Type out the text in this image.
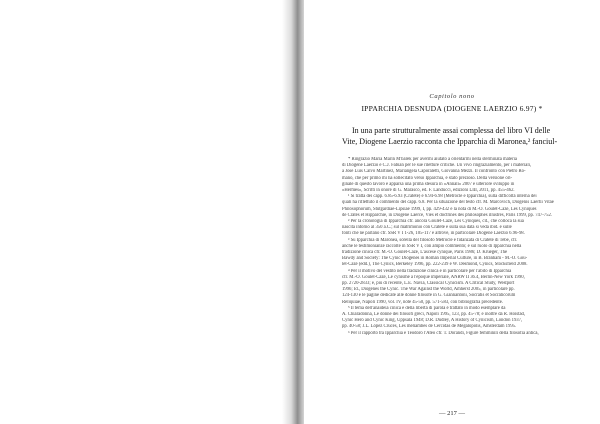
Capitolo nono
IPPARCHIA DESNUDA (DIOGENE LAERZIO 6.97) *
In una parte strutturalmente assai complessa del libro VI delle
Vite, Diogene Laerzio racconta che Ipparchia di Maronea,² fanciul-

* Ringrazio Maria Marin M'barek per avermi aiutato a orientarmi nella sterminata materia

di Diogene Laerzio e C.J. Fabian per le sue riletture critiche. Un vivo ringraziamento, per i materiali,

a José Luis Calvo Martínez, Mariangela Caporaletti, Giovanna Mezzi. Il confronto con Pietro Ro-

mano, che per primo mi ha sollecitato verso Ipparchia, è stato prezioso. Della versione ori-

ginale di questo lavoro è apparsa una prima stesura in «Annali» 2007 e ulteriore sviluppo in

«Hermes», Scritti in onore di G. Marasco, ed. F. Landucci, edizioni LIII, 2011, pp. 455-462.

¹ Si tratta dei capp. 6.85-6.93 (Cratete) e 6.94-6.98 (Metrocle e Ipparchia), sulla difficoltà interna dei

quali ha riflettuto il commento del capp. 6.8. Per la situazione del testo cfr. M. Marcovich, Diogenis Laertii Vitae

Philosophorum, Stutgardiae-Lipsiae 1999, I, pp. 429-432 e la nota di M.-O. Goulet-Cazé, Les Cyniques

de Cratès et Hipparchie, in Diogène Laërce, Vies et doctrines des philosophes illustres, Paris 1999, pp. 747-752.

² Per la cronologia di Ipparchia cfr. ancora Goulet-Cazé, Les Cyniques, cit., che colloca la sua

nascita intorno al 350 a.C.; sul matrimonio con Cratete e sulla sua data si veda ibid. e sulle

fonti che ne parlano cfr. SSR V I 1-26, 105-117 e altrove, in particolare Diogene Laerzio 6.96-98.

³ Su Ipparchia di Maronea, sorella del filosofo Metrocle e fidanzata di Cratete di Tebe, cfr.

anche le testimonianze raccolte in SSR V I, con ampio commento; e sul ruolo di Ipparchia nella

tradizione cinica cfr. M.-O. Goulet-Cazé, L'ascèse cynique, Paris 1986; D. Krueger, The

Bawdy and Society: The Cynic Diogenes in Roman Imperial Culture, in B. Branham - M.-O. Gou-

let-Cazé (edd.), The Cynics, Berkeley 1996, pp. 222-239 e W. Desmond, Cynics, Stocksfield 2008.

⁴ Per il motivo del vestito nella tradizione cinica e in particolare per l'abito di Ipparchia

cfr. M.-O. Goulet-Cazé, Le cynisme à l'époque impériale, ANRW II 36.4, Berlin-New York 1990,

pp. 2720-2833; e, più di recente, L.E. Navia, Classical Cynicism. A Critical Study, Westport

1996; Id., Diogenes the Cynic. The War Against the World, Amherst 2005, in particolare pp.

124-130 e le pagine dedicate alle donne filosofe in G. Giannantoni, Socratis et Socraticorum

Reliquiae, Napoli 1990, vol. IV, note 45-50, pp. 571-583, con bibliografia precedente.

⁵ Il tema dell'anaideia cinica e della libertà di parola è trattato in modo esemplare da

A. Chiaradonna, Le donne dei filosofi greci, Napoli 1995, 123, pp. 45-78; e inoltre da R. Höistad,

Cynic Hero and Cynic King, Uppsala 1948; D.R. Dudley, A History of Cynicism, London 1937,

pp. 40-58; J.L. López Cruces, Les méliambes de Cercidas de Mégalopolis, Amsterdam 1995.

⁶ Per il rapporto tra Ipparchia e Teodoro l'Ateo cfr. T. Dorandi, Figure femminili della filosofia antica,

— 217 —
